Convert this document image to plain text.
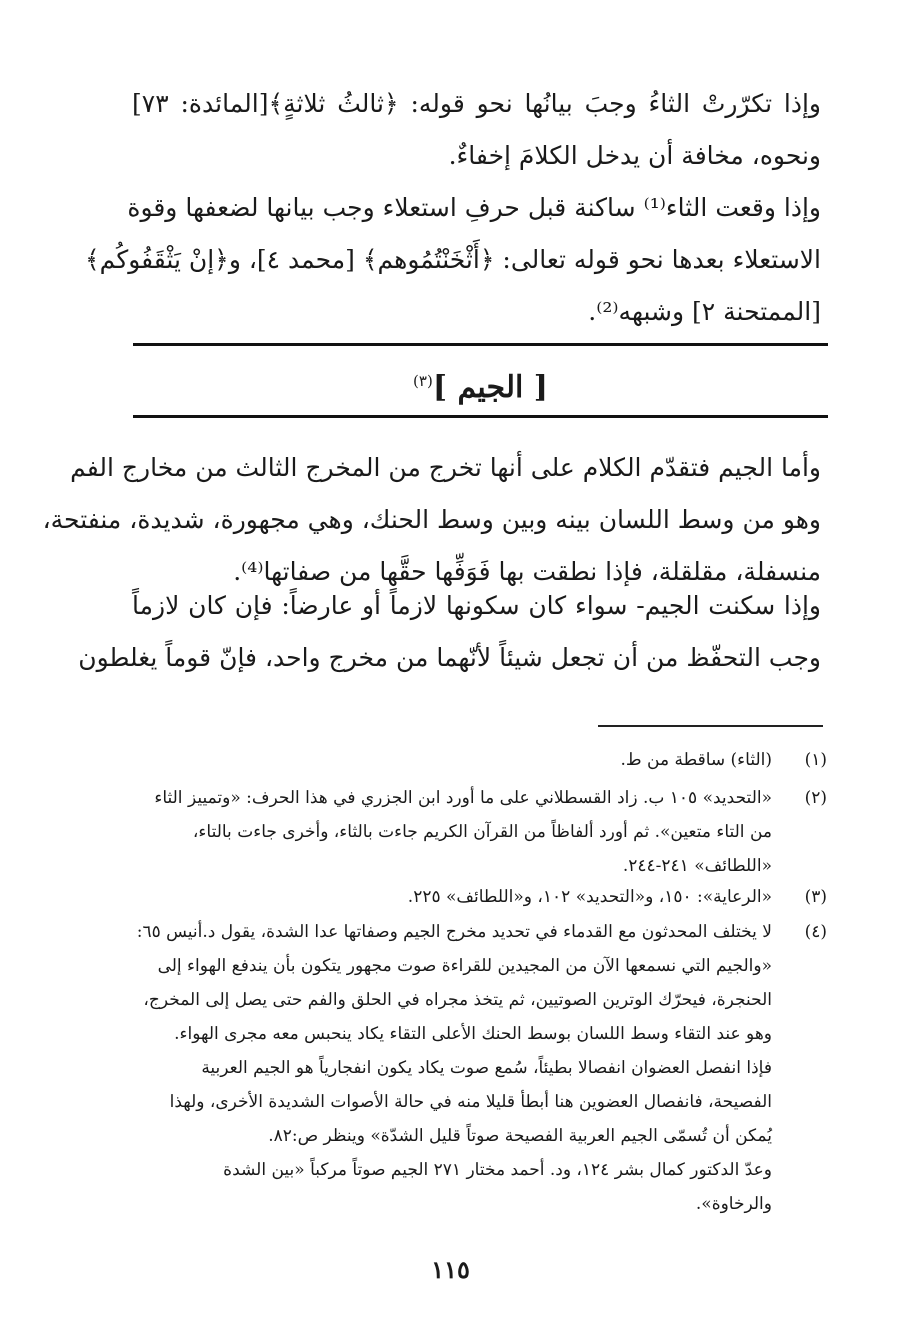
وإذا تكرّرتْ الثاءُ وجبَ بيانُها نحو قوله: ﴿ثالثُ ثلاثةٍ﴾[المائدة: ٧٣]
ونحوه، مخافة أن يدخل الكلامَ إخفاءٌ.
وإذا وقعت الثاء⁽¹⁾ ساكنة قبل حرفِ استعلاء وجب بيانها لضعفها وقوة
الاستعلاء بعدها نحو قوله تعالى: ﴿أَثْخَنْتُمُوهم﴾ [محمد ٤]، و﴿إنْ يَثْقَفُوكُم﴾
[الممتحنة ٢] وشبهه⁽²⁾.
[ الجيم ]$^{(٣)}$
وأما الجيم فتقدّم الكلام على أنها تخرج من المخرج الثالث من مخارج الفم
وهو من وسط اللسان بينه وبين وسط الحنك، وهي مجهورة، شديدة، منفتحة،
منسفلة، مقلقلة، فإذا نطقت بها فَوَفِّها حقَّها من صفاتها⁽⁴⁾.
وإذا سكنت الجيم- سواء كان سكونها لازماً أو عارضاً: فإن كان لازماً
وجب التحفّظ من أن تجعل شيئاً لأنّهما من مخرج واحد، فإنّ قوماً يغلطون
(١)
(الثاء) ساقطة من ط.
(٢)
«التحديد» ١٠٥ ب. زاد القسطلاني على ما أورد ابن الجزري في هذا الحرف: «وتمييز الثاء
من التاء متعين». ثم أورد ألفاظاً من القرآن الكريم جاءت بالثاء، وأخرى جاءت بالتاء،
«اللطائف» ٢٤١-٢٤٤.
(٣)
«الرعاية»: ١٥٠، و«التحديد» ١٠٢، و«اللطائف» ٢٢٥.
(٤)
لا يختلف المحدثون مع القدماء في تحديد مخرج الجيم وصفاتها عدا الشدة، يقول د.أنيس ٦٥:
«والجيم التي نسمعها الآن من المجيدين للقراءة صوت مجهور يتكون بأن يندفع الهواء إلى
الحنجرة، فيحرّك الوترين الصوتيين، ثم يتخذ مجراه في الحلق والفم حتى يصل إلى المخرج،
وهو عند التقاء وسط اللسان بوسط الحنك الأعلى التقاء يكاد ينحبس معه مجرى الهواء.
فإذا انفصل العضوان انفصالا بطيئاً، سُمع صوت يكاد يكون انفجارياً هو الجيم العربية
الفصيحة، فانفصال العضوين هنا أبطأ قليلا منه في حالة الأصوات الشديدة الأخرى، ولهذا
يُمكن أن تُسمّى الجيم العربية الفصيحة صوتاً قليل الشدّة» وينظر ص:٨٢.
وعدّ الدكتور كمال بشر ١٢٤، ود. أحمد مختار ٢٧١ الجيم صوتاً مركباً «بين الشدة
والرخاوة».
١١٥
